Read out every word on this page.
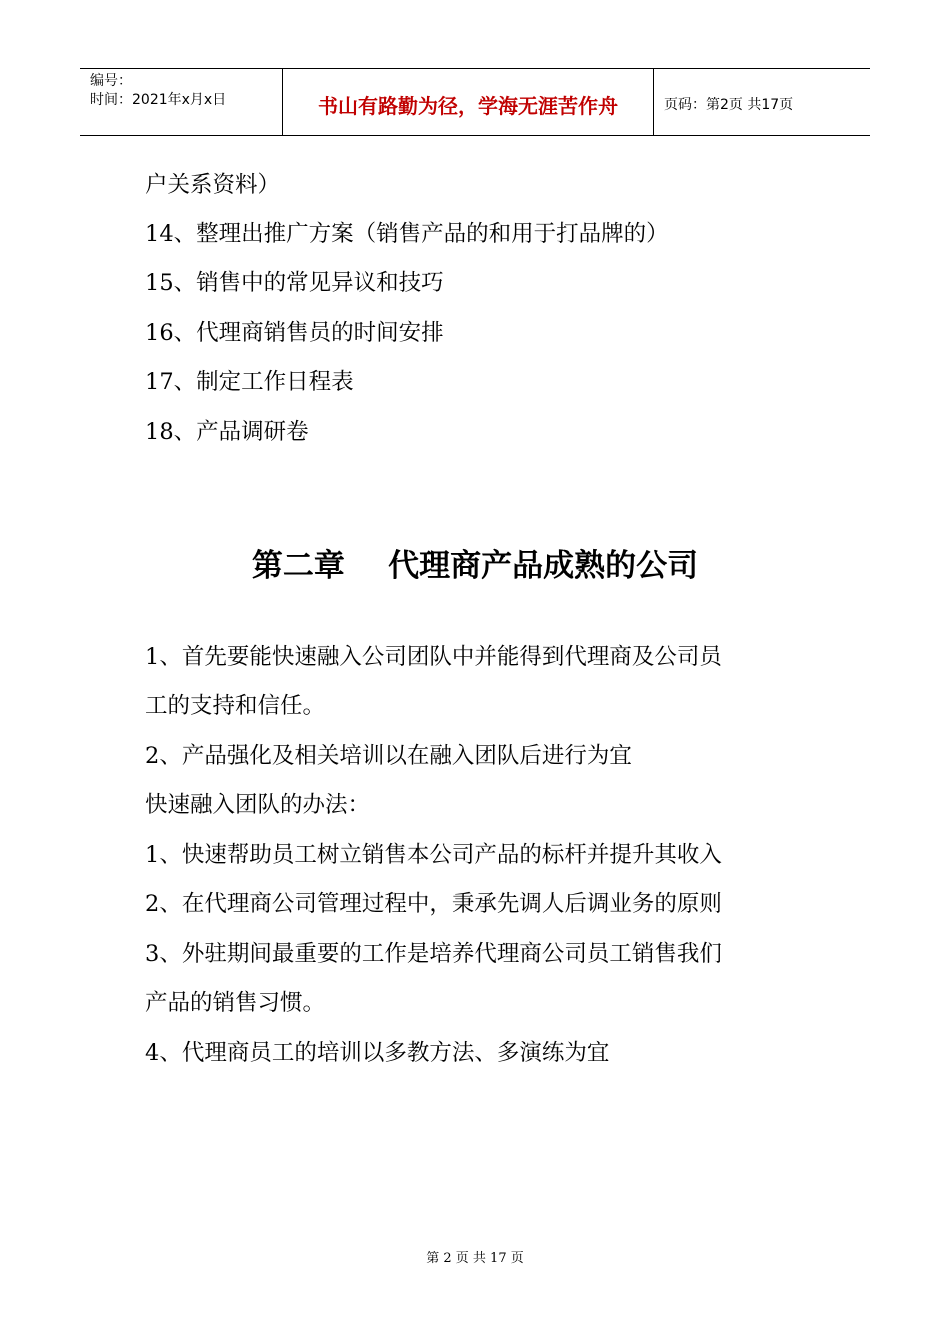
编号：
时间：2021年x月x日	书山有路勤为径，学海无涯苦作舟	页码：第2页 共17页
户关系资料）
14、整理出推广方案（销售产品的和用于打品牌的）
15、销售中的常见异议和技巧
16、代理商销售员的时间安排
17、制定工作日程表
18、产品调研卷
第二章    代理商产品成熟的公司
1、首先要能快速融入公司团队中并能得到代理商及公司员
工的支持和信任。
2、产品强化及相关培训以在融入团队后进行为宜
快速融入团队的办法：
1、快速帮助员工树立销售本公司产品的标杆并提升其收入
2、在代理商公司管理过程中，秉承先调人后调业务的原则
3、外驻期间最重要的工作是培养代理商公司员工销售我们
产品的销售习惯。
4、代理商员工的培训以多教方法、多演练为宜
第 2 页 共 17 页
